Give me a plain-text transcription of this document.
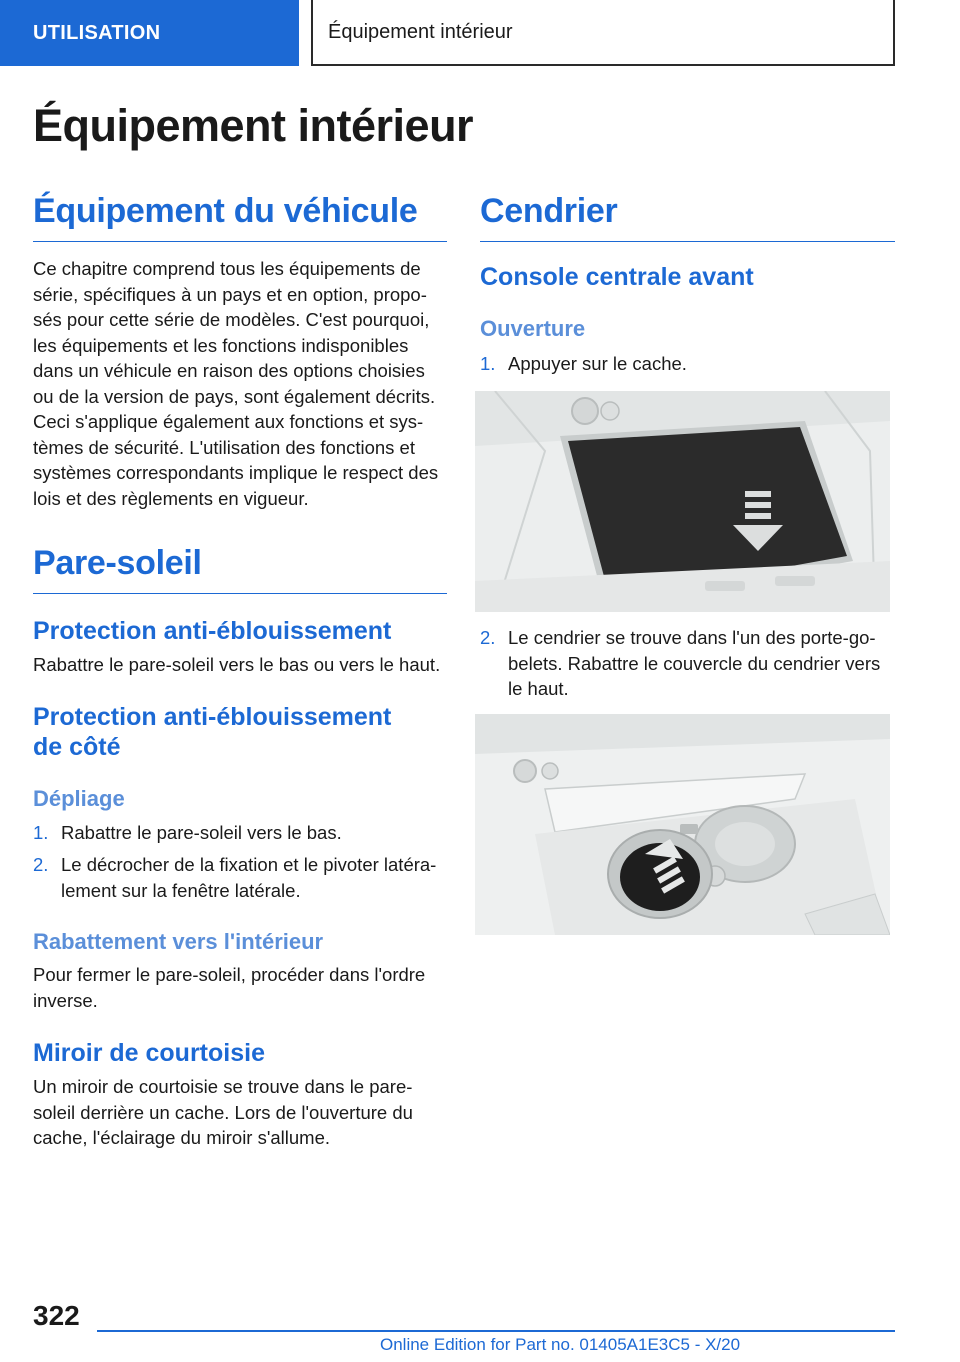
UTILISATION	Équipement intérieur
Équipement intérieur
Équipement du véhicule

Ce chapitre comprend tous les équipements de série, spécifiques à un pays et en option, propo- sés pour cette série de modèles. C'est pourquoi, les équipements et les fonctions indisponibles dans un véhicule en raison des options choisies ou de la version de pays, sont également décrits. Ceci s'applique également aux fonctions et sys- tèmes de sécurité. L'utilisation des fonctions et systèmes correspondants implique le respect des lois et des règlements en vigueur.

Pare-soleil
Protection anti-éblouissement

Rabattre le pare-soleil vers le bas ou vers le haut.

Protection anti-éblouissement
de côté
Dépliage
1. Rabattre le pare-soleil vers le bas.
2. Le décrocher de la fixation et le pivoter latéra- lement sur la fenêtre latérale.
Rabattement vers l'intérieur

Pour fermer le pare-soleil, procéder dans l'ordre inverse.

Miroir de courtoisie

Un miroir de courtoisie se trouve dans le pare- soleil derrière un cache. Lors de l'ouverture du cache, l'éclairage du miroir s'allume.

Cendrier
Console centrale avant
Ouverture
1. Appuyer sur le cache.
2. Le cendrier se trouve dans l'un des porte-go- belets. Rabattre le couvercle du cendrier vers le haut.
322
Online Edition for Part no. 01405A1E3C5 - X/20
